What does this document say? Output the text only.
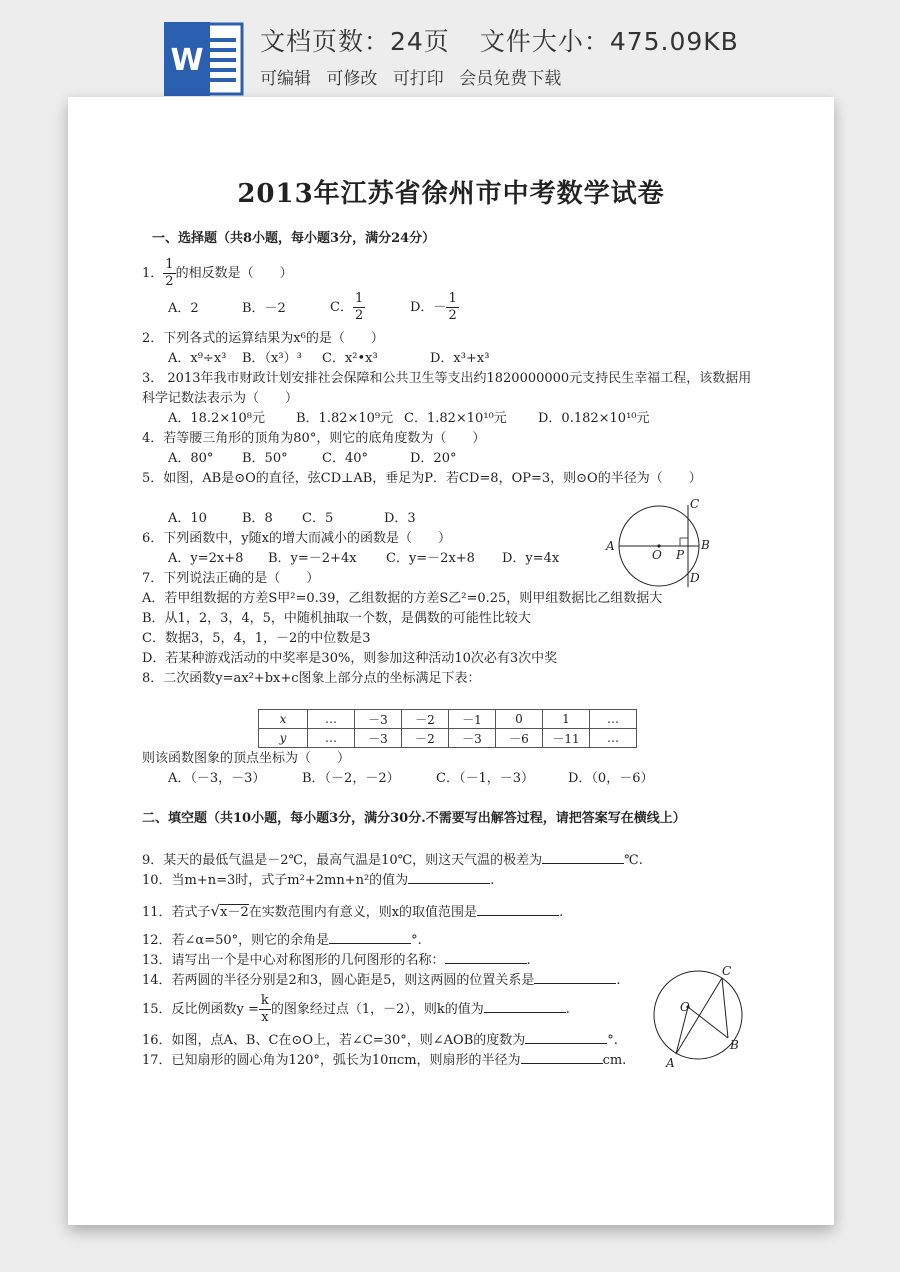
W
文档页数：24页 文件大小：475.09KB
可编辑 可修改 可打印 会员免费下载
2013年江苏省徐州市中考数学试卷
一、选择题（共8小题，每小题3分，满分24分）
1． $\frac{1}{2}$ 的相反数是（　　）
A．2	B．－2	C． $\frac{1}{2}$	D．－ $\frac{1}{2}$
2．下列各式的运算结果为x⁶的是（　　）
A．x⁹÷x³ B．（x³）³ C．x²•x³	D．x³+x³
3． 2013年我市财政计划安排社会保障和公共卫生等支出约1820000000元支持民生幸福工程，该数据用
科学记数法表示为（　　）
A．18.2×10⁸元 B．1.82×10⁹元 C．1.82×10¹⁰元 D．0.182×10¹⁰元
4．若等腰三角形的顶角为80°，则它的底角度数为（　　）
A．80° B．50°	C．40°	D．20°
5．如图，AB是⊙O的直径，弦CD⊥AB，垂足为P．若CD=8，OP=3，则⊙O的半径为（　　）
A．10	B．8 C．5	D．3
A	B
C
D
O P
6．下列函数中，y随x的增大而减小的函数是（　　）
A．y=2x+8 B．y=－2+4x C．y=－2x+8 D．y=4x
7．下列说法正确的是（　　）
A．若甲组数据的方差S甲²=0.39，乙组数据的方差S乙²=0.25，则甲组数据比乙组数据大
B．从1，2，3，4，5，中随机抽取一个数，是偶数的可能性比较大
C．数据3，5，4，1，－2的中位数是3
D．若某种游戏活动的中奖率是30%，则参加这种活动10次必有3次中奖
8．二次函数y=ax²+bx+c图象上部分点的坐标满足下表：
x	…	－3	－2	－1	0	1	…
y	…	－3	－2	－3	－6	－11	…
则该函数图象的顶点坐标为（　　）
A．（－3，－3）	B．（－2，－2）	C．（－1，－3）	D．（0，－6）
二、填空题（共10小题，每小题3分，满分30分.不需要写出解答过程，请把答案写在横线上）
9．某天的最低气温是－2℃，最高气温是10℃，则这天气温的极差为	℃.
10．当m+n=3时，式子m²+2mn+n²的值为	.
11．若式子√x－2在实数范围内有意义，则x的取值范围是	.
12．若∠α=50°，则它的余角是	°.
13．请写出一个是中心对称图形的几何图形的名称：	.
14．若两圆的半径分别是2和3，圆心距是5，则这两圆的位置关系是	.
15．反比例函数$y = \frac{k}{x}$ 的图象经过点（1，－2），则k的值为	.
16．如图，点A、B、C在⊙O上，若∠C=30°，则∠AOB的度数为	°.
17．已知扇形的圆心角为120°，弧长为10πcm，则扇形的半径为	cm.
C
O
A
B
